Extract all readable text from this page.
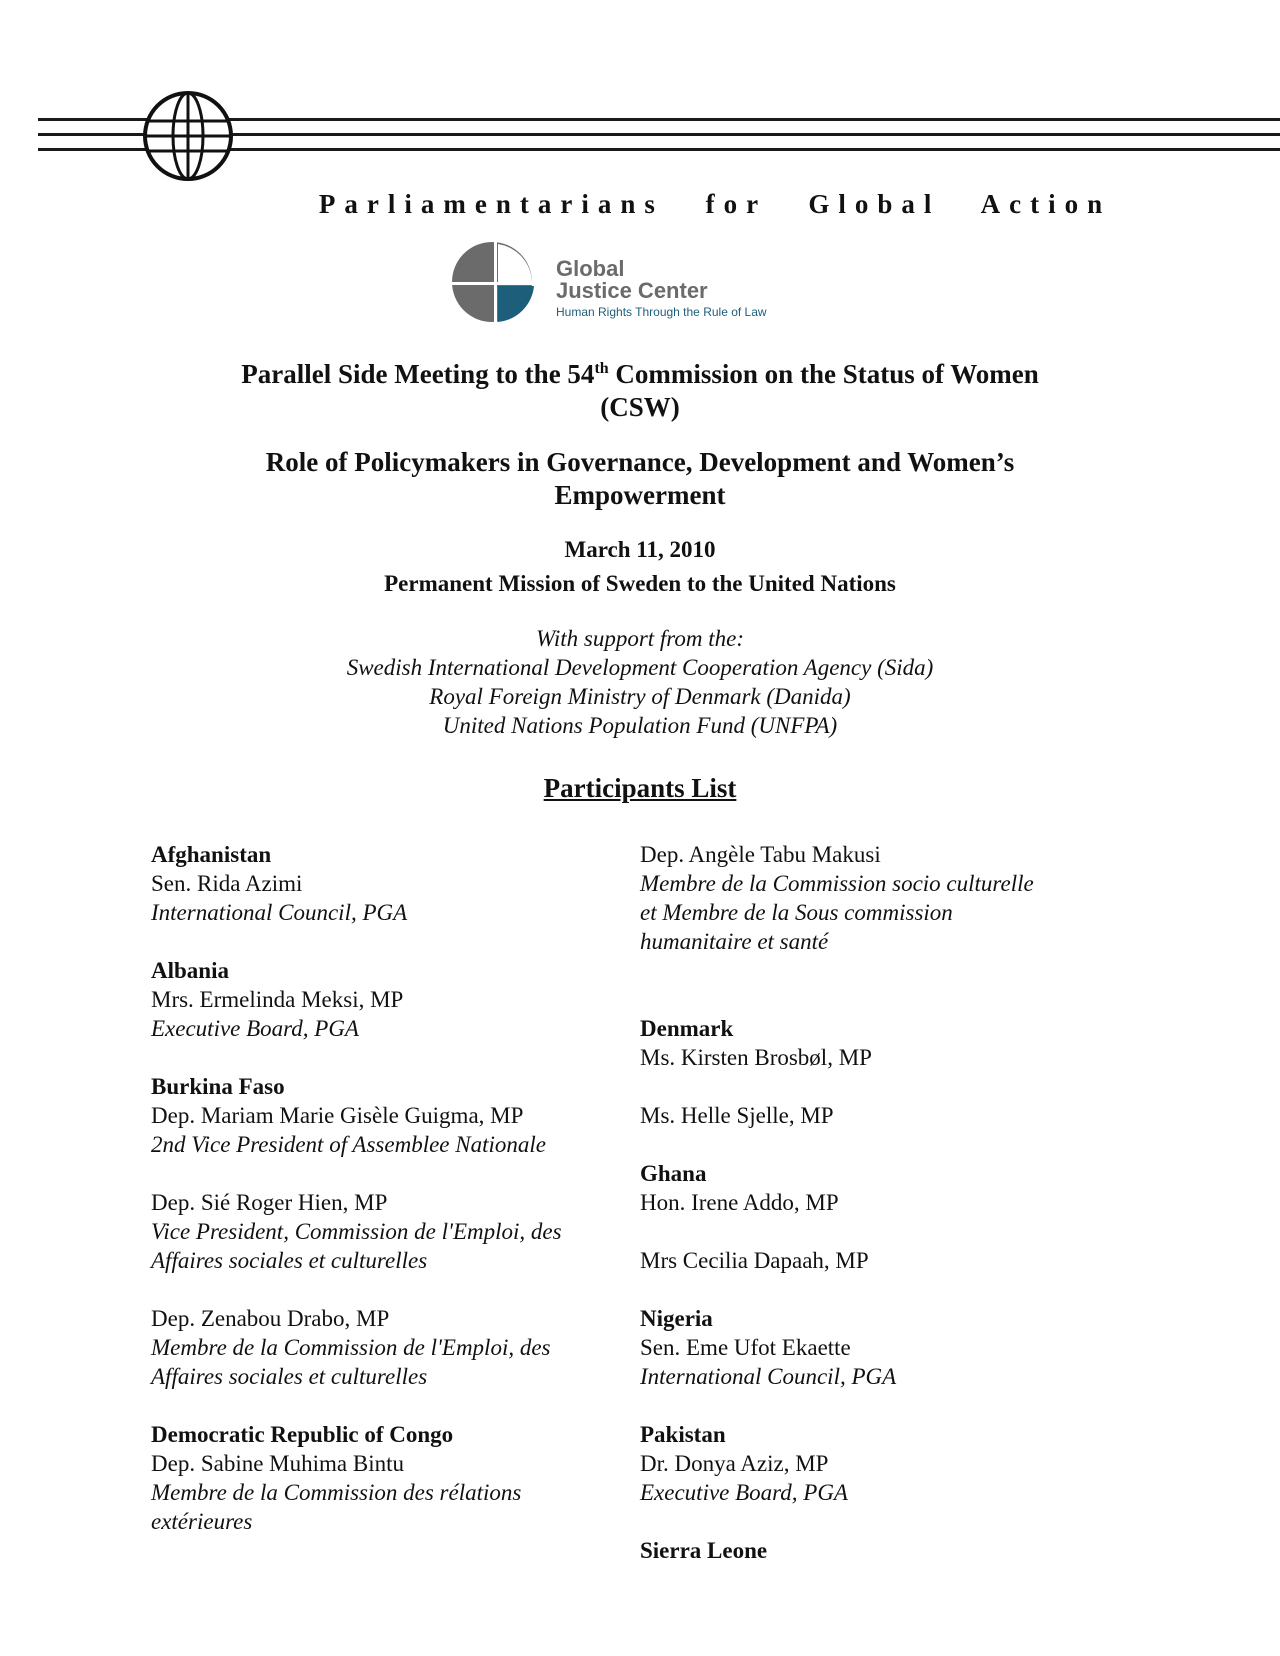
Parliamentarians for Global Action
Global
Justice Center
Human Rights Through the Rule of Law
Parallel Side Meeting to the 54th Commission on the Status of Women
(CSW)
Role of Policymakers in Governance, Development and Women’s
Empowerment
March 11, 2010
Permanent Mission of Sweden to the United Nations
With support from the:
Swedish International Development Cooperation Agency (Sida)
Royal Foreign Ministry of Denmark (Danida)
United Nations Population Fund (UNFPA)
Participants List
Afghanistan
Sen. Rida Azimi
International Council, PGA
Albania
Mrs. Ermelinda Meksi, MP
Executive Board, PGA
Burkina Faso
Dep. Mariam Marie Gisèle Guigma, MP
2nd Vice President of Assemblee Nationale
Dep. Sié Roger Hien, MP
Vice President, Commission de l'Emploi, des
Affaires sociales et culturelles
Dep. Zenabou Drabo, MP
Membre de la Commission de l'Emploi, des
Affaires sociales et culturelles
Democratic Republic of Congo
Dep. Sabine Muhima Bintu
Membre de la Commission des rélations
extérieures
Dep. Angèle Tabu Makusi
Membre de la Commission socio culturelle
et Membre de la Sous commission
humanitaire et santé
Denmark
Ms. Kirsten Brosbøl, MP
Ms. Helle Sjelle, MP
Ghana
Hon. Irene Addo, MP
Mrs Cecilia Dapaah, MP
Nigeria
Sen. Eme Ufot Ekaette
International Council, PGA
Pakistan
Dr. Donya Aziz, MP
Executive Board, PGA
Sierra Leone
